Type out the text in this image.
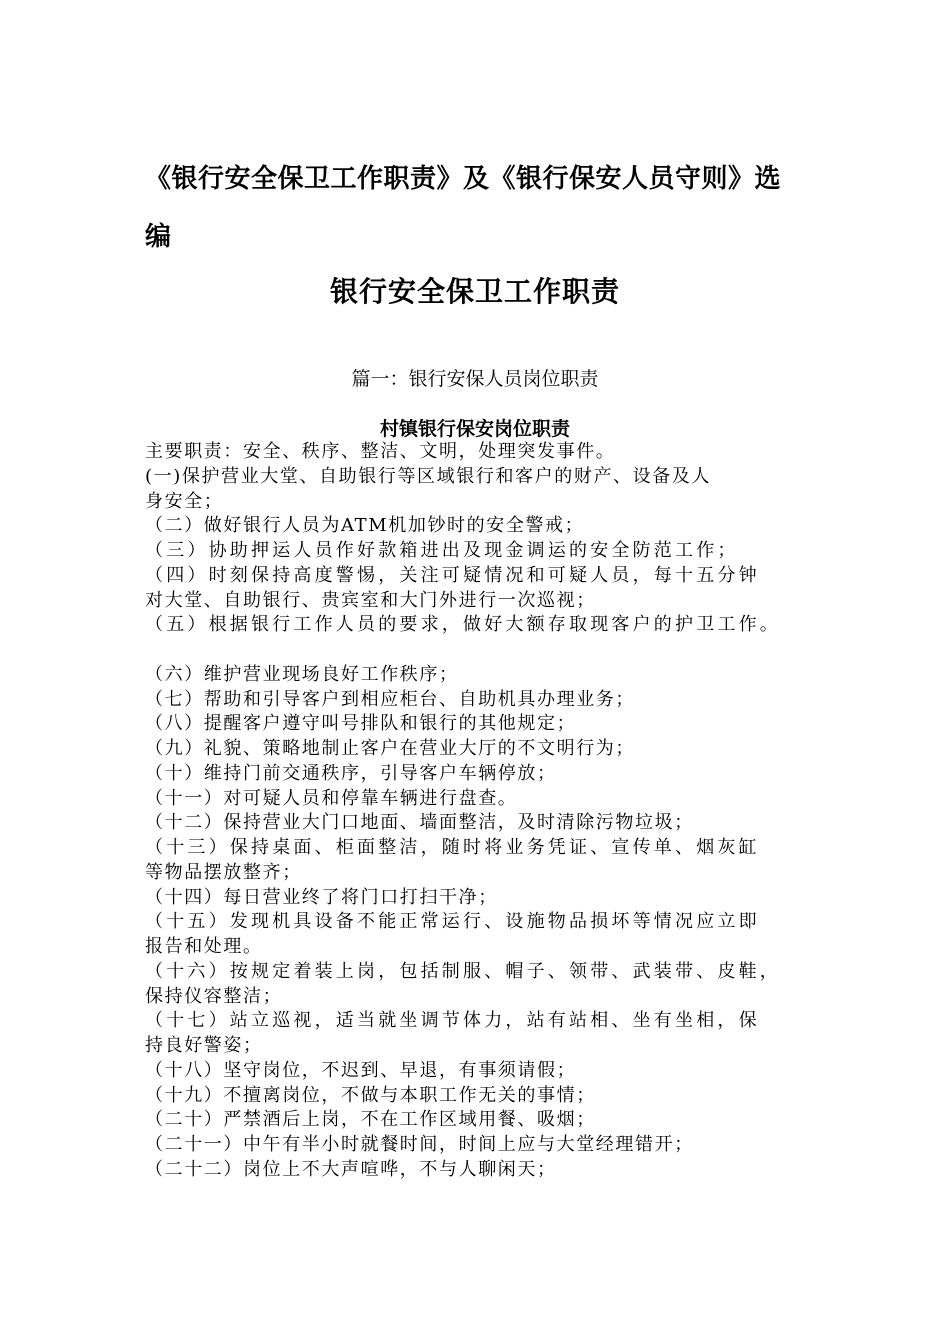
《银行安全保卫工作职责》及《银行保安人员守则》选
编
银行安全保卫工作职责
篇一：银行安保人员岗位职责
村镇银行保安岗位职责
主要职责：安全、秩序、整洁、文明，处理突发事件。
(一)保护营业大堂、自助银行等区域银行和客户的财产、设备及人
身安全；
（二）做好银行人员为ATM机加钞时的安全警戒；
（三）协助押运人员作好款箱进出及现金调运的安全防范工作；
（四）时刻保持高度警惕，关注可疑情况和可疑人员，每十五分钟
对大堂、自助银行、贵宾室和大门外进行一次巡视；
（五）根据银行工作人员的要求，做好大额存取现客户的护卫工作。
（六）维护营业现场良好工作秩序；
（七）帮助和引导客户到相应柜台、自助机具办理业务；
（八）提醒客户遵守叫号排队和银行的其他规定；
（九）礼貌、策略地制止客户在营业大厅的不文明行为；
（十）维持门前交通秩序，引导客户车辆停放；
（十一）对可疑人员和停靠车辆进行盘查。
（十二）保持营业大门口地面、墙面整洁，及时清除污物垃圾；
（十三）保持桌面、柜面整洁，随时将业务凭证、宣传单、烟灰缸
等物品摆放整齐；
（十四）每日营业终了将门口打扫干净；
（十五）发现机具设备不能正常运行、设施物品损坏等情况应立即
报告和处理。
（十六）按规定着装上岗，包括制服、帽子、领带、武装带、皮鞋，
保持仪容整洁；
（十七）站立巡视，适当就坐调节体力，站有站相、坐有坐相，保
持良好警姿；
（十八）坚守岗位，不迟到、早退，有事须请假；
（十九）不擅离岗位，不做与本职工作无关的事情；
（二十）严禁酒后上岗，不在工作区域用餐、吸烟；
（二十一）中午有半小时就餐时间，时间上应与大堂经理错开；
（二十二）岗位上不大声喧哗，不与人聊闲天；
